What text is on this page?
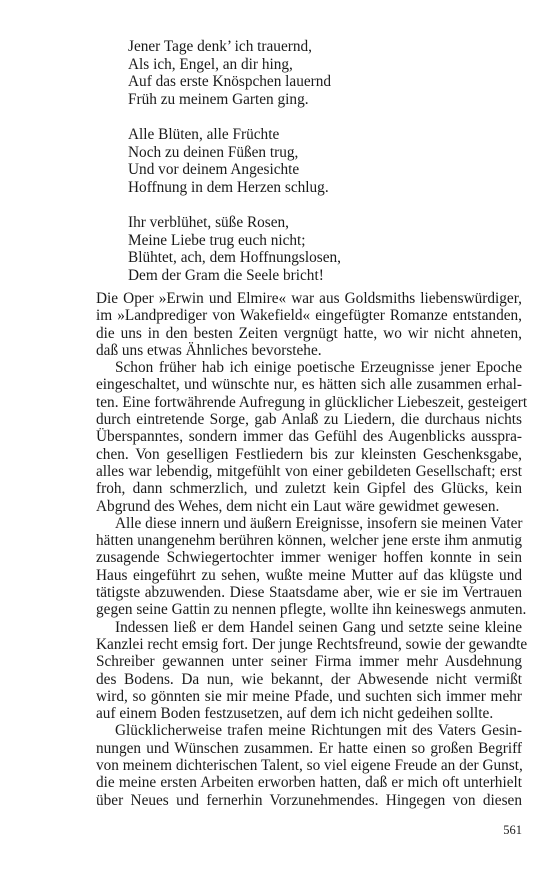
Jener Tage denk’ ich trauernd,
Als ich, Engel, an dir hing,
Auf das erste Knöspchen lauernd
Früh zu meinem Garten ging.
Alle Blüten, alle Früchte
Noch zu deinen Füßen trug,
Und vor deinem Angesichte
Hoffnung in dem Herzen schlug.
Ihr verblühet, süße Rosen,
Meine Liebe trug euch nicht;
Blühtet, ach, dem Hoffnungslosen,
Dem der Gram die Seele bricht!
Die Oper »Erwin und Elmire« war aus Goldsmiths liebenswürdiger,
im »Landprediger von Wakefield« eingefügter Romanze entstanden,
die uns in den besten Zeiten vergnügt hatte, wo wir nicht ahneten,
daß uns etwas Ähnliches bevorstehe.
Schon früher hab ich einige poetische Erzeugnisse jener Epoche
eingeschaltet, und wünschte nur, es hätten sich alle zusammen erhal-
ten. Eine fortwährende Aufregung in glücklicher Liebeszeit, gesteigert
durch eintretende Sorge, gab Anlaß zu Liedern, die durchaus nichts
Überspanntes, sondern immer das Gefühl des Augenblicks ausspra-
chen. Von geselligen Festliedern bis zur kleinsten Geschenksgabe,
alles war lebendig, mitgefühlt von einer gebildeten Gesellschaft; erst
froh, dann schmerzlich, und zuletzt kein Gipfel des Glücks, kein
Abgrund des Wehes, dem nicht ein Laut wäre gewidmet gewesen.
Alle diese innern und äußern Ereignisse, insofern sie meinen Vater
hätten unangenehm berühren können, welcher jene erste ihm anmutig
zusagende Schwiegertochter immer weniger hoffen konnte in sein
Haus eingeführt zu sehen, wußte meine Mutter auf das klügste und
tätigste abzuwenden. Diese Staatsdame aber, wie er sie im Vertrauen
gegen seine Gattin zu nennen pflegte, wollte ihn keineswegs anmuten.
Indessen ließ er dem Handel seinen Gang und setzte seine kleine
Kanzlei recht emsig fort. Der junge Rechtsfreund, sowie der gewandte
Schreiber gewannen unter seiner Firma immer mehr Ausdehnung
des Bodens. Da nun, wie bekannt, der Abwesende nicht vermißt
wird, so gönnten sie mir meine Pfade, und suchten sich immer mehr
auf einem Boden festzusetzen, auf dem ich nicht gedeihen sollte.
Glücklicherweise trafen meine Richtungen mit des Vaters Gesin-
nungen und Wünschen zusammen. Er hatte einen so großen Begriff
von meinem dichterischen Talent, so viel eigene Freude an der Gunst,
die meine ersten Arbeiten erworben hatten, daß er mich oft unterhielt
über Neues und fernerhin Vorzunehmendes. Hingegen von diesen
561
